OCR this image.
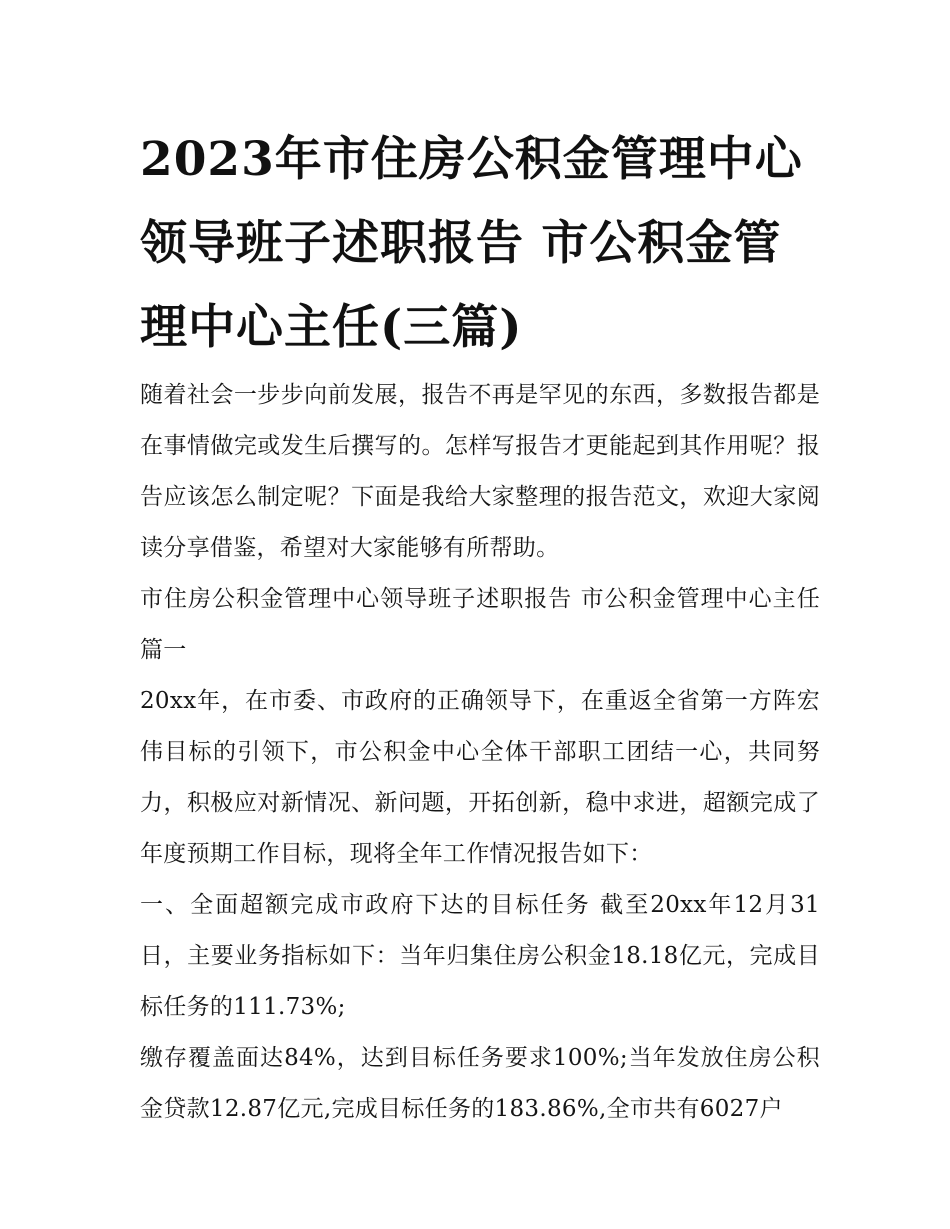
2023年市住房公积金管理中心领导班子述职报告 市公积金管理中心主任(三篇)

随着社会一步步向前发展，报告不再是罕见的东西，多数报告都是在事情做完或发生后撰写的。怎样写报告才更能起到其作用呢？报告应该怎么制定呢？下面是我给大家整理的报告范文，欢迎大家阅读分享借鉴，希望对大家能够有所帮助。

市住房公积金管理中心领导班子述职报告 市公积金管理中心主任篇一

20xx年，在市委、市政府的正确领导下，在重返全省第一方阵宏伟目标的引领下，市公积金中心全体干部职工团结一心，共同努力，积极应对新情况、新问题，开拓创新，稳中求进，超额完成了年度预期工作目标，现将全年工作情况报告如下：

一、全面超额完成市政府下达的目标任务 截至20xx年12月31日，主要业务指标如下：当年归集住房公积金18.18亿元，完成目标任务的111.73%;

缴存覆盖面达84%，达到目标任务要求100%;当年发放住房公积金贷款12.87亿元,完成目标任务的183.86%,全市共有6027户
